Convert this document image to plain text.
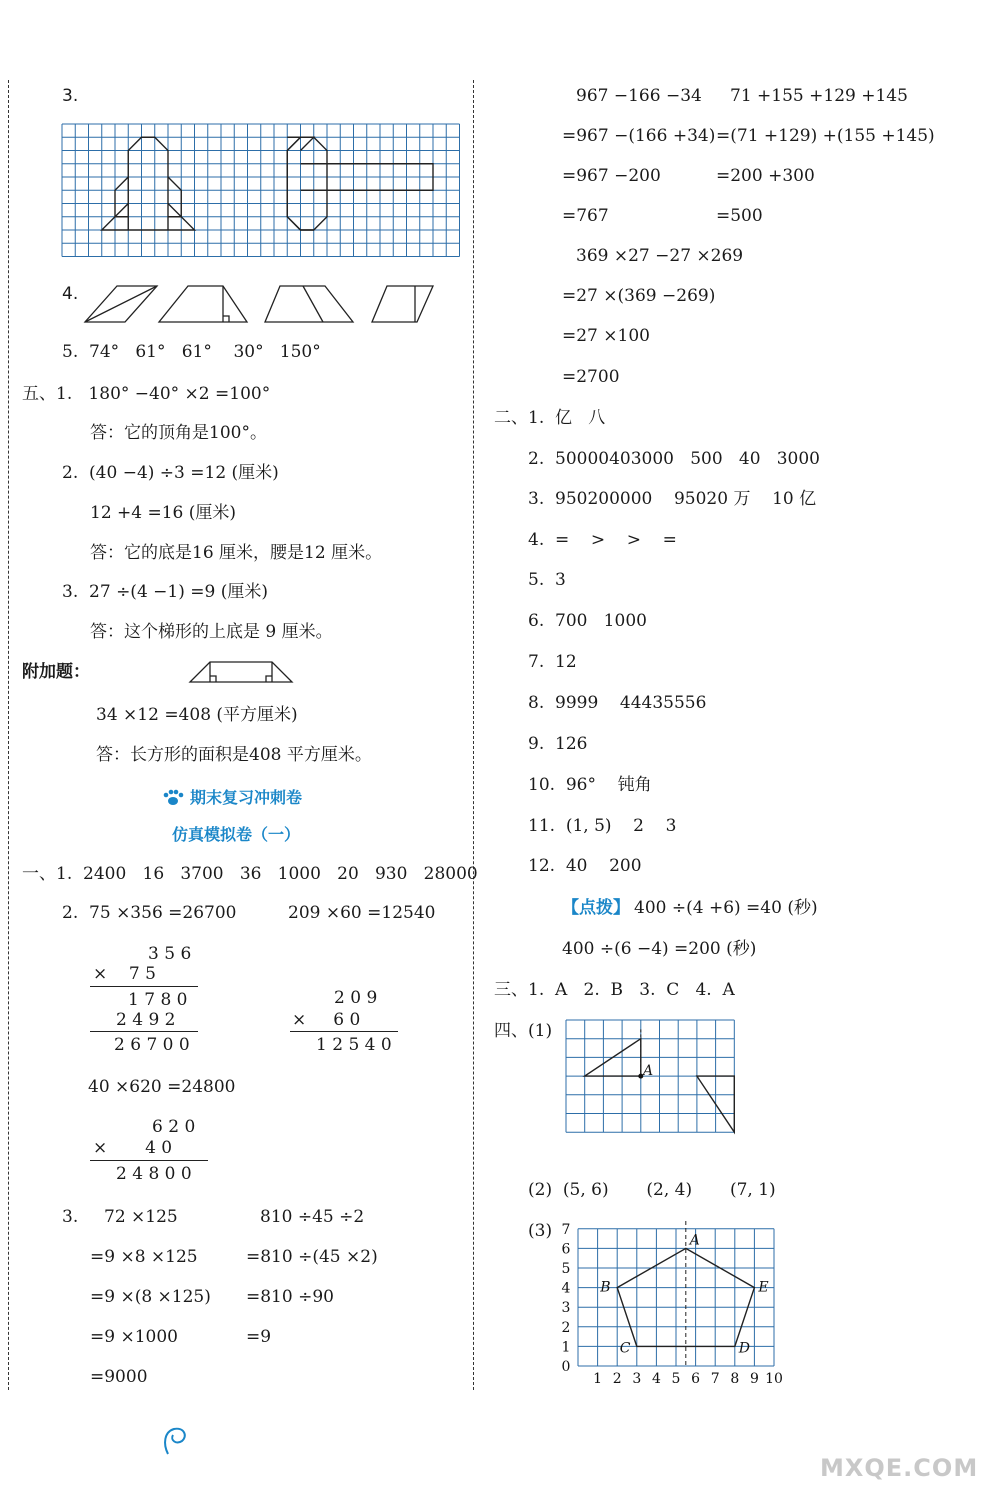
3.
4.
5.  74°   61°   61°    30°   150°
五、1.   180° −40° ×2 =100°
答：它的顶角是100°。
2.  (40 −4) ÷3 =12 (厘米)
12 +4 =16 (厘米)
答：它的底是16 厘米，腰是12 厘米。
3.  27 ÷(4 −1) =9 (厘米)
答：这个梯形的上底是 9 厘米。
附加题：
34 ×12 =408 (平方厘米)
答：长方形的面积是408 平方厘米。
期末复习冲刺卷
仿真模拟卷（一）
一、1.  2400   16   3700   36   1000   20   930   28000
2.  75 ×356 =26700	209 ×60 =12540
3 5 6
×    7 5
1 7 8 0
2 4 9 2
2 6 7 0 0
2 0 9
×     6 0
1 2 5 4 0
40 ×620 =24800
6 2 0
×       4 0
2 4 8 0 0
3. 72 ×125
=9 ×8 ×125
=9 ×(8 ×125)
=9 ×1000
=9000
810 ÷45 ÷2
=810 ÷(45 ×2)
=810 ÷90
=9
967 −166 −34
=967 −(166 +34)
=967 −200
=767
71 +155 +129 +145
=(71 +129) +(155 +145)
=200 +300
=500
369 ×27 −27 ×269
=27 ×(369 −269)
=27 ×100
=2700
二、1.  亿   八
2.  50000403000   500   40   3000
3.  950200000    95020 万    10 亿
4.  =    >    >    =
5.  3
6.  700   1000
7.  12
8.  9999    44435556
9.  126
10.  96°    钝角
11.  (1, 5)    2    3
12.  40    200
【点拨】 400 ÷(4 +6) =40 (秒)
400 ÷(6 −4) =200 (秒)
三、1.  A   2.  B   3.  C   4.  A
四、(1)
A
(2)  (5, 6)       (2, 4)       (7, 1)
(3)	A
B
C	D
E
0
1
2
3
4
5
6
7
1 2 3 4 5 6 7 8 9 10
MXQE.COM
